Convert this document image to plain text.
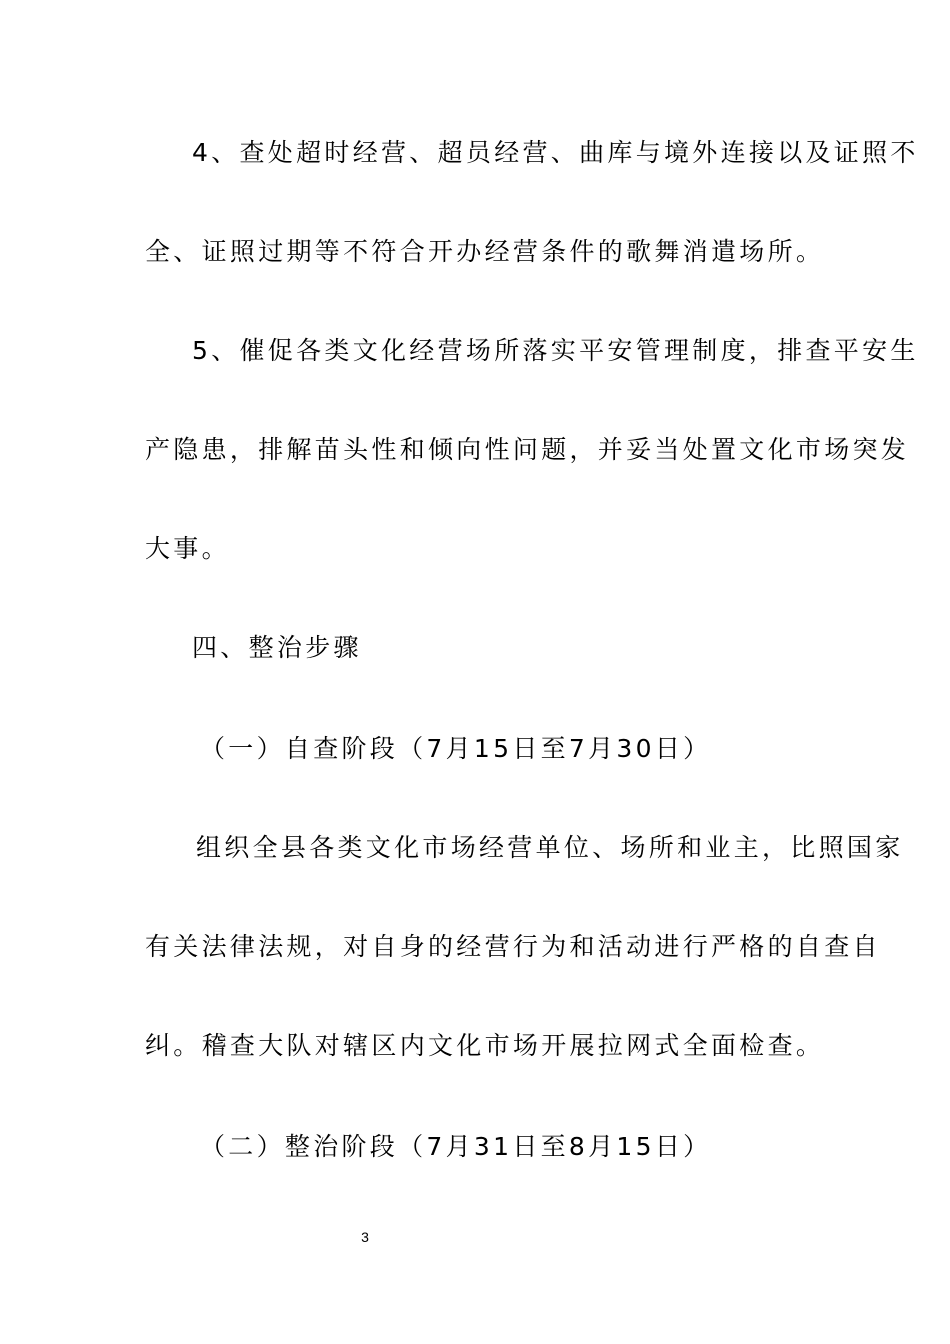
4、查处超时经营、超员经营、曲库与境外连接以及证照不
全、证照过期等不符合开办经营条件的歌舞消遣场所。
5、催促各类文化经营场所落实平安管理制度，排查平安生
产隐患，排解苗头性和倾向性问题，并妥当处置文化市场突发
大事。
四、整治步骤
（一）自查阶段（7月15日至7月30日）
组织全县各类文化市场经营单位、场所和业主，比照国家
有关法律法规，对自身的经营行为和活动进行严格的自查自
纠。稽查大队对辖区内文化市场开展拉网式全面检查。
（二）整治阶段（7月31日至8月15日）
3
